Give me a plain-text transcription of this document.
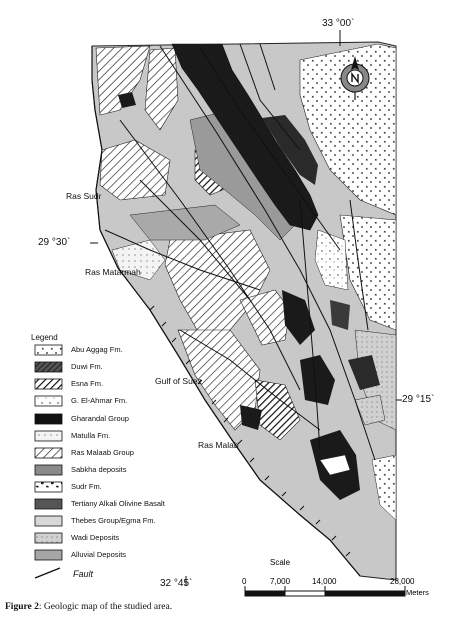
33 °00`
29 °30`
29 °15`
32 °45`
Ras Sudr
Ras Matarmah
Gulf of Suez
Ras Malab
Legend
Abu Aggag Fm.
Duwi Fm.
Esna Fm.
G. El-Ahmar Fm.
Gharandal Group
Matulla Fm.
Ras Malaab Group
Sabkha deposits
Sudr Fm.
Tertiany Alkali Olivine Basalt
Thebes Group/Egma Fm.
Wadi Deposits
Alluvial Deposits
Fault
Scale
0	7,000	14,000	28,000
Meters
Figure 2: Geologic map of the studied area.
